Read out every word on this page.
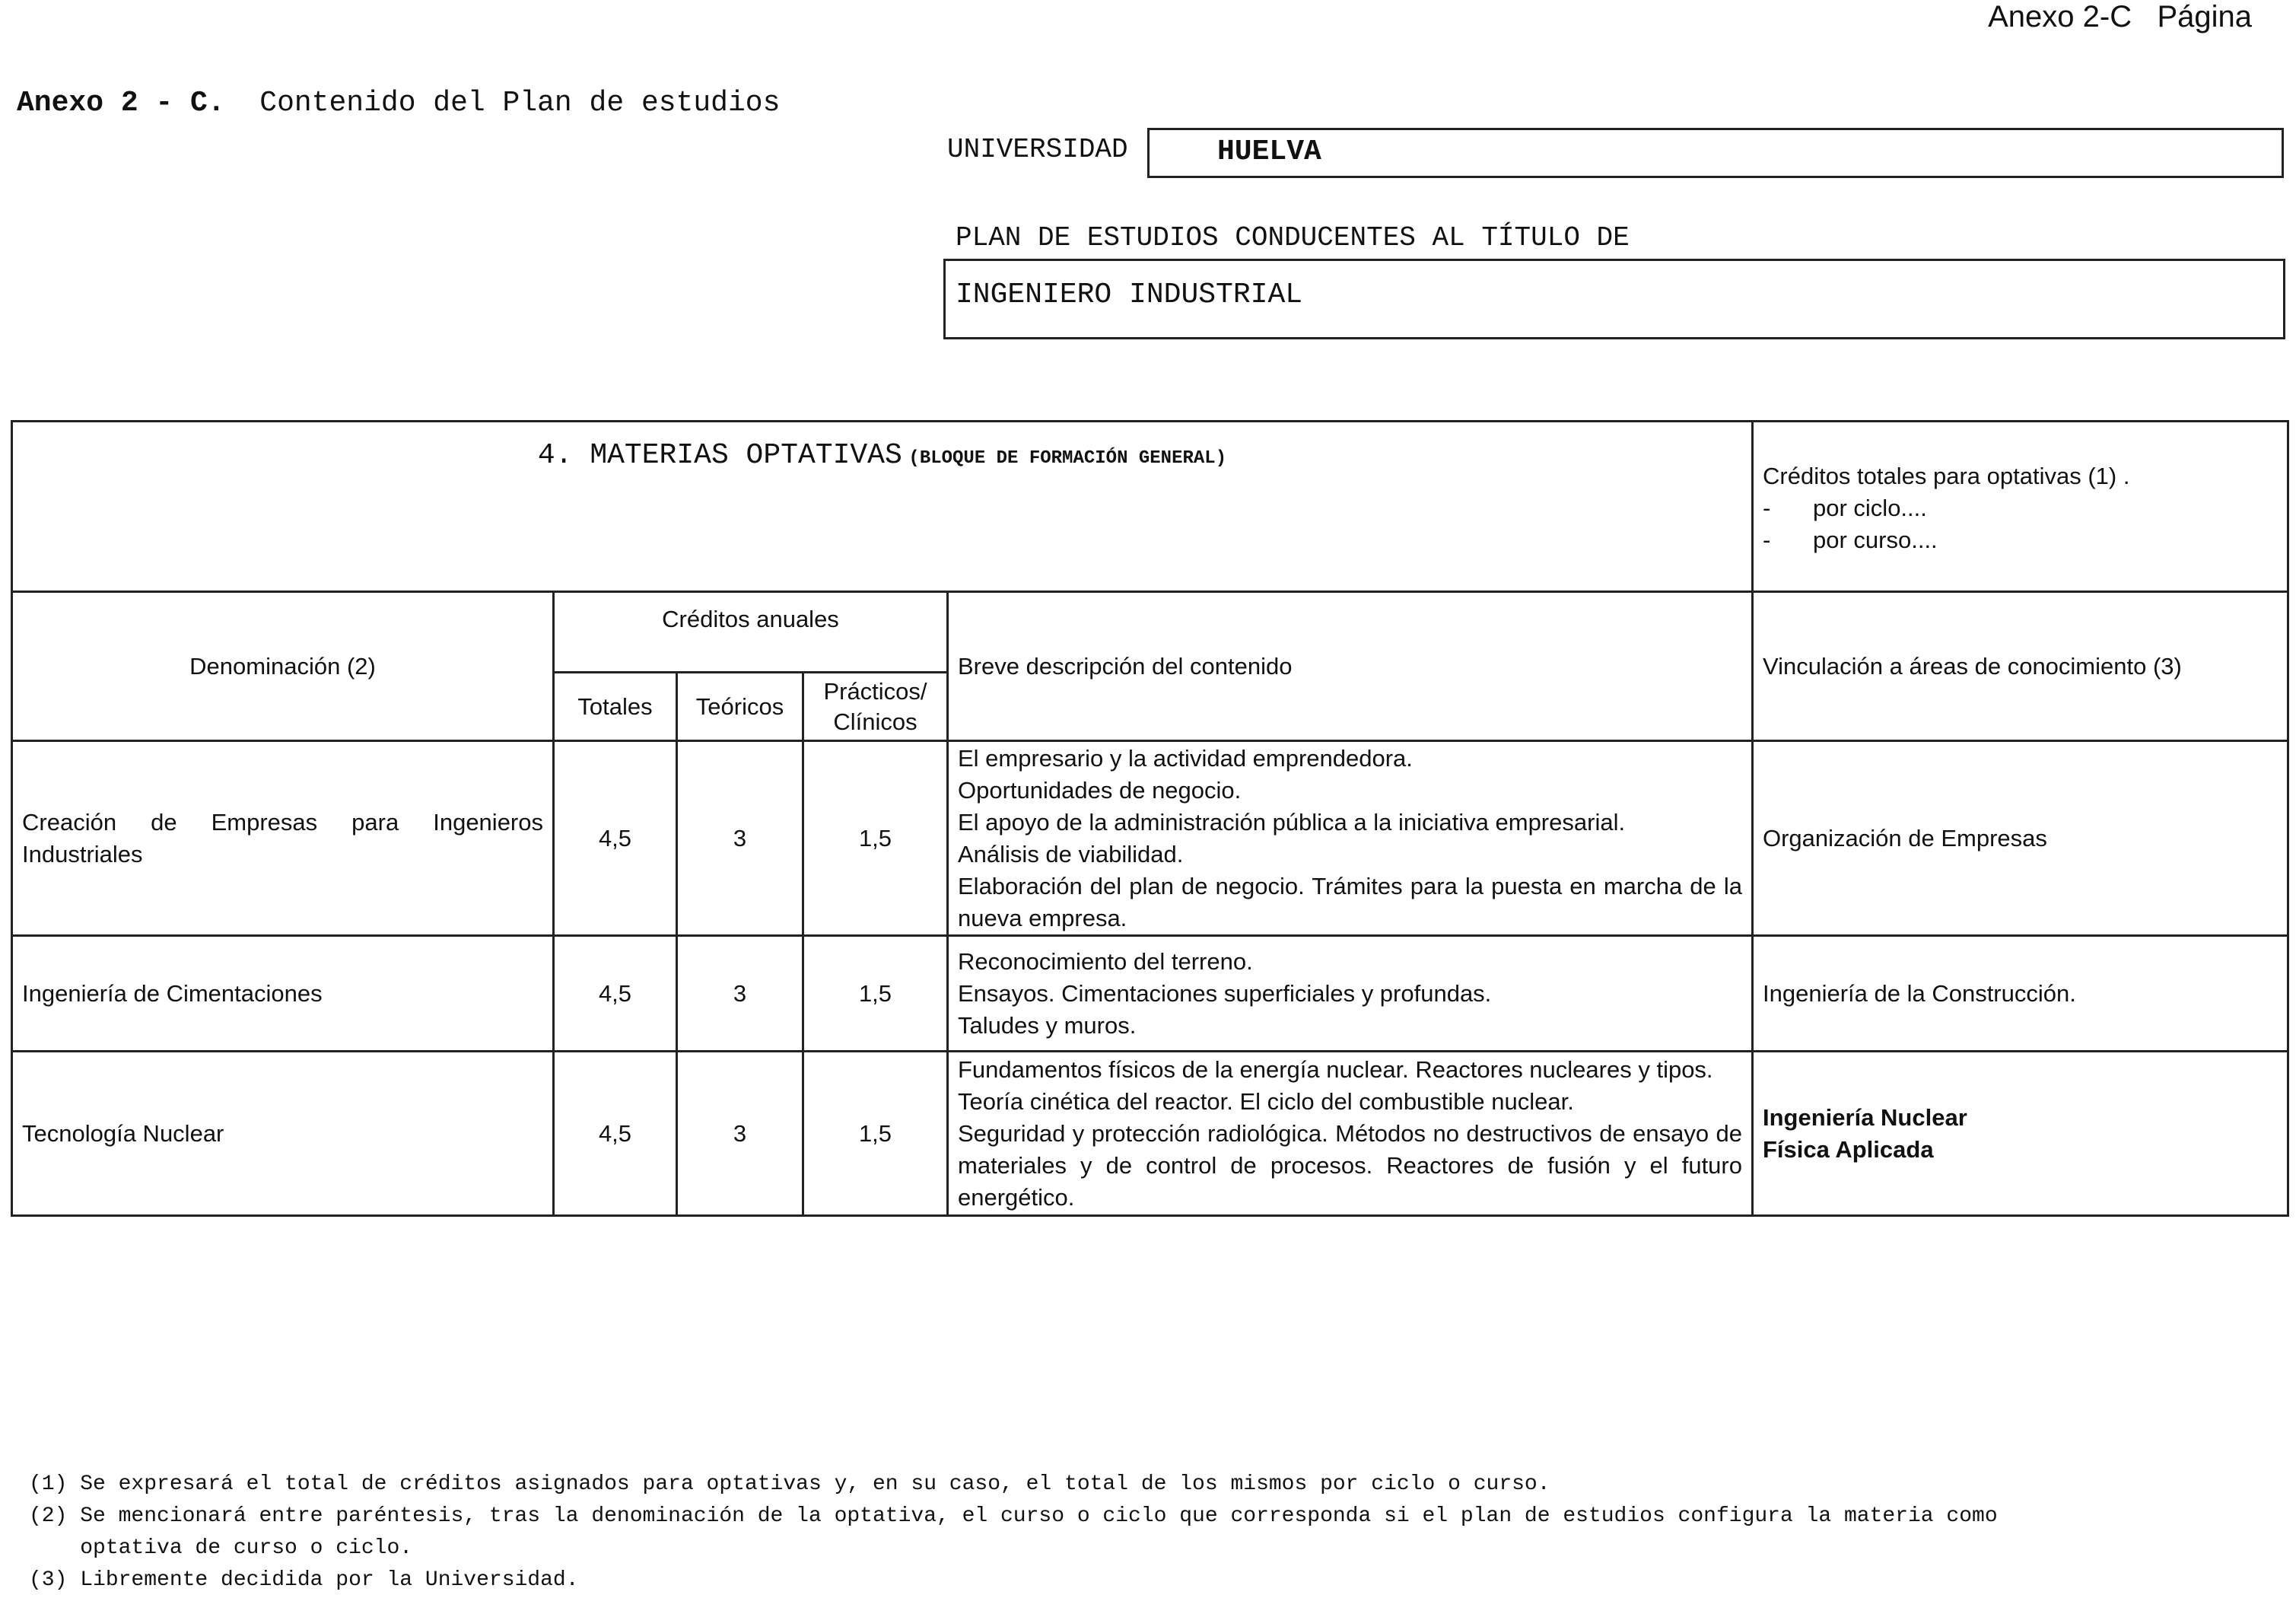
Anexo 2-C   Página
Anexo 2 - C. Contenido del Plan de estudios
UNIVERSIDAD	HUELVA
PLAN DE ESTUDIOS CONDUCENTES AL TÍTULO DE
INGENIERO INDUSTRIAL
4. MATERIAS OPTATIVAS (BLOQUE DE FORMACIÓN GENERAL)					Créditos totales para optativas (1) .
- por ciclo....
- por curso....

Denominación (2)	Créditos anuales			Breve descripción del contenido	Vinculación a áreas de conocimiento (3)
	Totales	Teóricos	Prácticos/ Clínicos		
Creación de Empresas para Ingenieros Industriales	4,5	3	1,5	El empresario y la actividad emprendedora.
Oportunidades de negocio.
El apoyo de la administración pública a la iniciativa empresarial.
Análisis de viabilidad.
Elaboración del plan de negocio. Trámites para la puesta en marcha de la nueva empresa.	Organización de Empresas

Ingeniería de Cimentaciones	4,5	3	1,5	Reconocimiento del terreno.
Ensayos. Cimentaciones superficiales y profundas.
Taludes y muros.	Ingeniería de la Construcción.

Tecnología Nuclear	4,5	3	1,5	Fundamentos físicos de la energía nuclear. Reactores nucleares y tipos.
Teoría cinética del reactor. El ciclo del combustible nuclear.
Seguridad y protección radiológica. Métodos no destructivos de ensayo de materiales y de control de procesos. Reactores de fusión y el futuro energético.	Ingeniería Nuclear
Física Aplicada
(1) Se expresará el total de créditos asignados para optativas y, en su caso, el total de los mismos por ciclo o curso.
(2) Se mencionará entre paréntesis, tras la denominación de la optativa, el curso o ciclo que corresponda si el plan de estudios configura la materia como
optativa de curso o ciclo.
(3) Libremente decidida por la Universidad.
